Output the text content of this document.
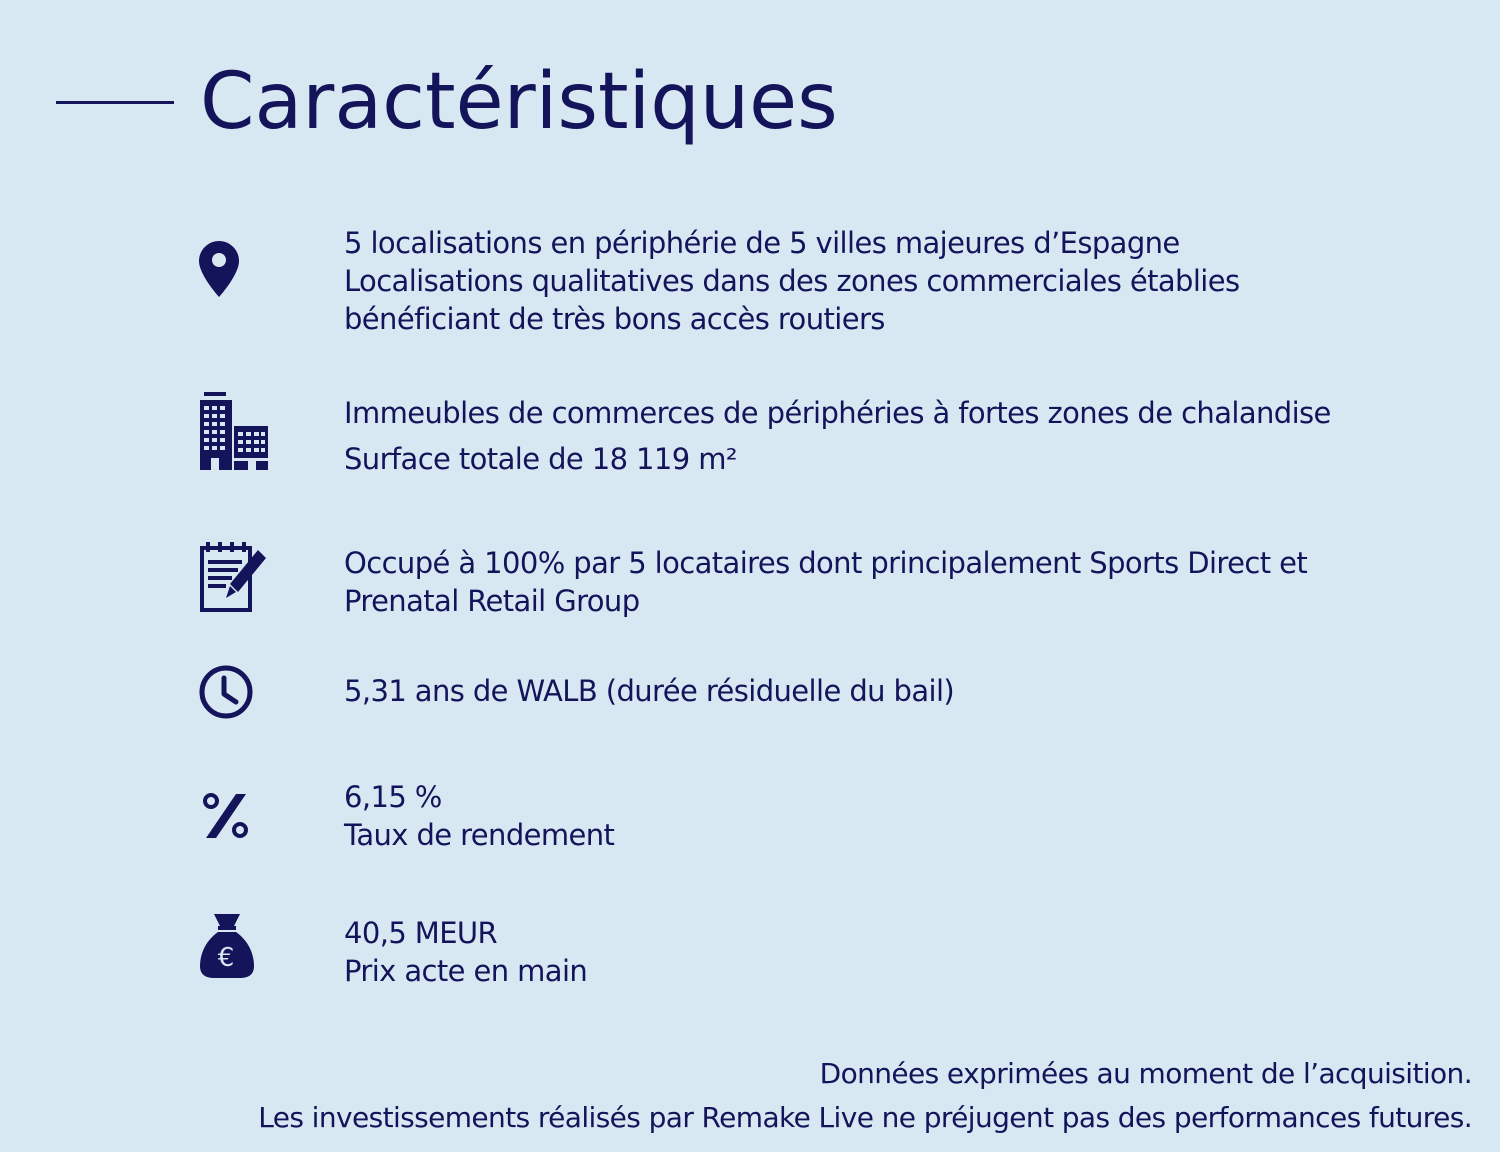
Caractéristiques
5 localisations en périphérie de 5 villes majeures d’Espagne
Localisations qualitatives dans des zones commerciales établies
bénéficiant de très bons accès routiers
Immeubles de commerces de périphéries à fortes zones de chalandise
Surface totale de 18 119 m²
Occupé à 100% par 5 locataires dont principalement Sports Direct et
Prenatal Retail Group
5,31 ans de WALB (durée résiduelle du bail)
6,15 %
Taux de rendement
€
40,5 MEUR
Prix acte en main
Données exprimées au moment de l’acquisition.
Les investissements réalisés par Remake Live ne préjugent pas des performances futures.
